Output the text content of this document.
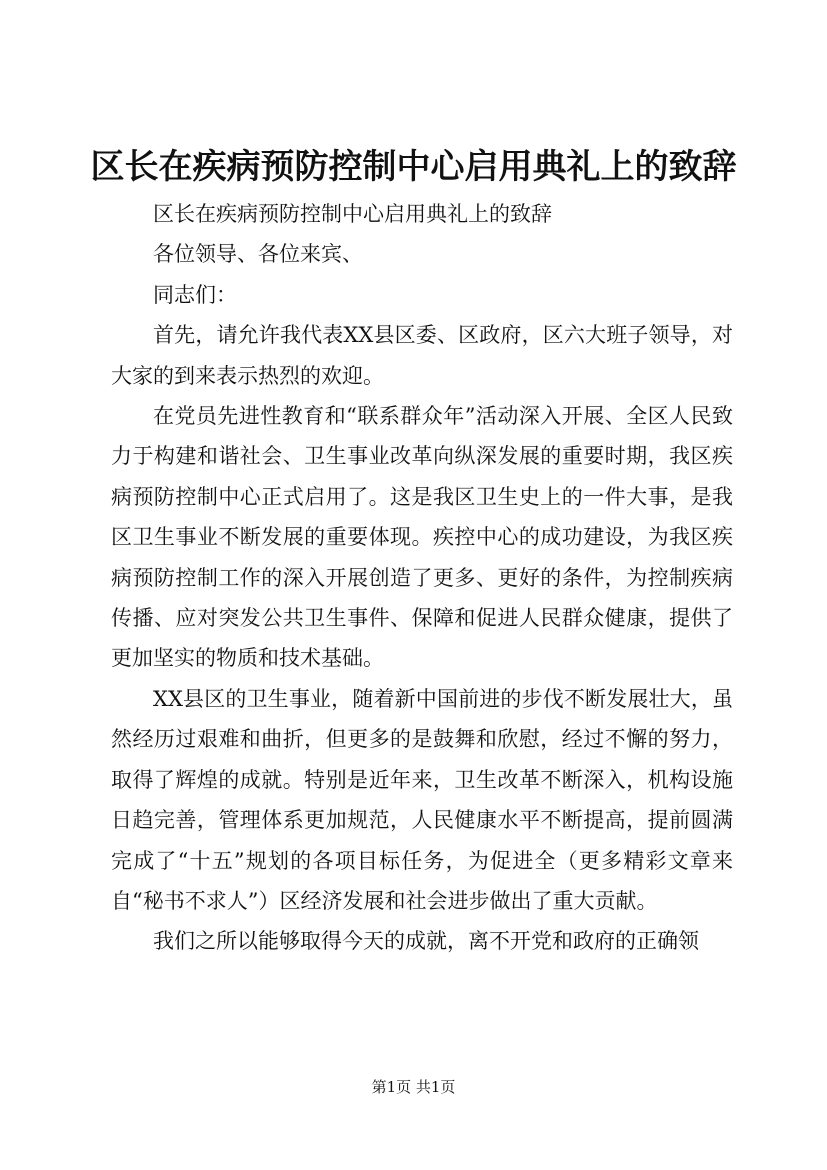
区长在疾病预防控制中心启用典礼上的致辞

区长在疾病预防控制中心启用典礼上的致辞

各位领导、各位来宾、

同志们：

首先，请允许我代表XX县区委、区政府，区六大班子领导，对大家的到来表示热烈的欢迎。

在党员先进性教育和“联系群众年”活动深入开展、全区人民致力于构建和谐社会、卫生事业改革向纵深发展的重要时期，我区疾病预防控制中心正式启用了。这是我区卫生史上的一件大事，是我区卫生事业不断发展的重要体现。疾控中心的成功建设，为我区疾病预防控制工作的深入开展创造了更多、更好的条件，为控制疾病传播、应对突发公共卫生事件、保障和促进人民群众健康，提供了更加坚实的物质和技术基础。

XX县区的卫生事业，随着新中国前进的步伐不断发展壮大，虽然经历过艰难和曲折，但更多的是鼓舞和欣慰，经过不懈的努力，取得了辉煌的成就。特别是近年来，卫生改革不断深入，机构设施日趋完善，管理体系更加规范，人民健康水平不断提高，提前圆满完成了“十五”规划的各项目标任务，为促进全（更多精彩文章来自“秘书不求人”）区经济发展和社会进步做出了重大贡献。

我们之所以能够取得今天的成就，离不开党和政府的正确领

第1页 共1页
